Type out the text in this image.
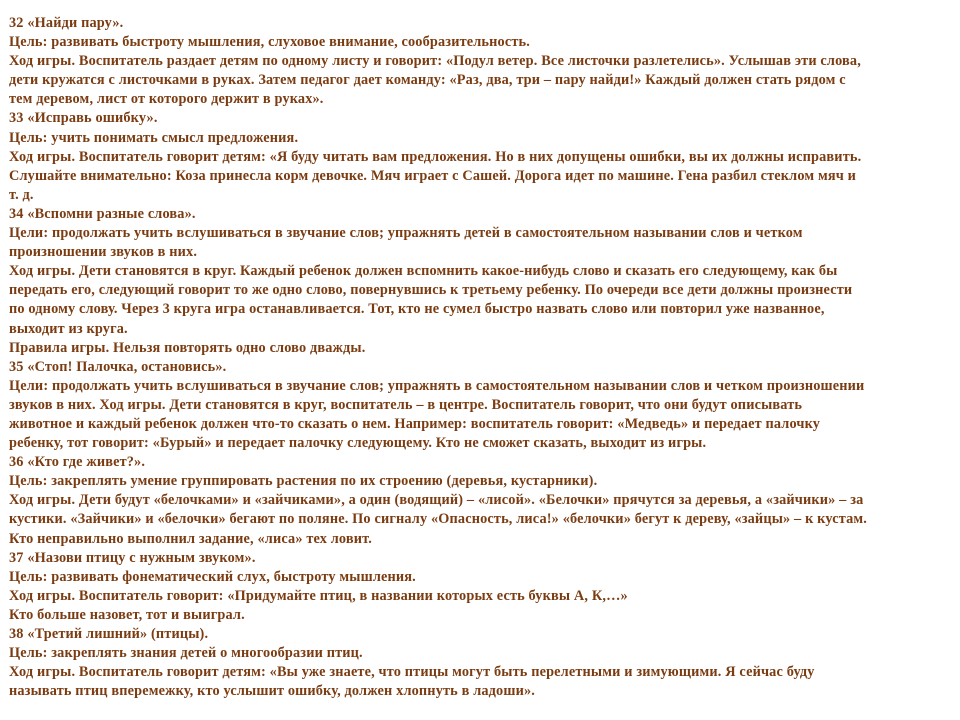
32 «Найди пару».
Цель: развивать быстроту мышления, слуховое внимание, сообразительность.
Ход игры. Воспитатель раздает детям по одному листу и говорит: «Подул ветер. Все листочки разлетелись». Услышав эти слова,
дети кружатся с листочками в руках. Затем педагог дает команду: «Раз, два, три – пару найди!» Каждый должен стать рядом с
тем деревом, лист от которого держит в руках».
33 «Исправь ошибку».
Цель: учить понимать смысл предложения.
Ход игры. Воспитатель говорит детям: «Я буду читать вам предложения. Но в них допущены ошибки, вы их должны исправить.
Слушайте внимательно: Коза принесла корм девочке. Мяч играет с Сашей. Дорога идет по машине. Гена разбил стеклом мяч и
т. д.
34 «Вспомни разные слова».
Цели: продолжать учить вслушиваться в звучание слов; упражнять детей в самостоятельном назывании слов и четком
произношении звуков в них.
Ход игры. Дети становятся в круг. Каждый ребенок должен вспомнить какое-нибудь слово и сказать его следующему, как бы
передать его, следующий говорит то же одно слово, повернувшись к третьему ребенку. По очереди все дети должны произнести
по одному слову. Через 3 круга игра останавливается. Тот, кто не сумел быстро назвать слово или повторил уже названное,
выходит из круга.
Правила игры. Нельзя повторять одно слово дважды.
35 «Стоп! Палочка, остановись».
Цели: продолжать учить вслушиваться в звучание слов; упражнять в самостоятельном назывании слов и четком произношении
звуков в них. Ход игры. Дети становятся в круг, воспитатель – в центре. Воспитатель говорит, что они будут описывать
животное и каждый ребенок должен что-то сказать о нем. Например: воспитатель говорит: «Медведь» и передает палочку
ребенку, тот говорит: «Бурый» и передает палочку следующему. Кто не сможет сказать, выходит из игры.
36 «Кто где живет?».
Цель: закреплять умение группировать растения по их строению (деревья, кустарники).
Ход игры. Дети будут «белочками» и «зайчиками», а один (водящий) – «лисой». «Белочки» прячутся за деревья, а «зайчики» – за
кустики. «Зайчики» и «белочки» бегают по поляне. По сигналу «Опасность, лиса!» «белочки» бегут к дереву, «зайцы» – к кустам.
Кто неправильно выполнил задание, «лиса» тех ловит.
37 «Назови птицу с нужным звуком».
Цель: развивать фонематический слух, быстроту мышления.
Ход игры. Воспитатель говорит: «Придумайте птиц, в названии которых есть буквы А, К,…»
Кто больше назовет, тот и выиграл.
38 «Третий лишний» (птицы).
Цель: закреплять знания детей о многообразии птиц.
Ход игры. Воспитатель говорит детям: «Вы уже знаете, что птицы могут быть перелетными и зимующими. Я сейчас буду
называть птиц вперемежку, кто услышит ошибку, должен хлопнуть в ладоши».
